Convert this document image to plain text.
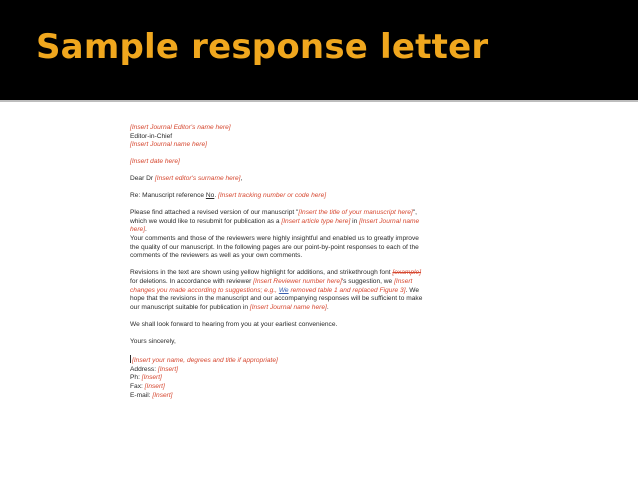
Sample response letter

[Insert Journal Editor's name here]
Editor-in-Chief
[Insert Journal name here]

[Insert date here]

Dear Dr [Insert editor's surname here],

Re: Manuscript reference No. [Insert tracking number or code here]

Please find attached a revised version of our manuscript "[Insert the title of your manuscript here]",
which we would like to resubmit for publication as a [Insert article type here] in [Insert Journal name
here].
Your comments and those of the reviewers were highly insightful and enabled us to greatly improve
the quality of our manuscript. In the following pages are our point-by-point responses to each of the
comments of the reviewers as well as your own comments.

Revisions in the text are shown using yellow highlight for additions, and strikethrough font [example]
for deletions. In accordance with reviewer [Insert Reviewer number here]'s suggestion, we [Insert
changes you made according to suggestions; e.g., We removed table 1 and replaced Figure 3]. We
hope that the revisions in the manuscript and our accompanying responses will be sufficient to make
our manuscript suitable for publication in [Insert Journal name here].

We shall look forward to hearing from you at your earliest convenience.

Yours sincerely,

[Insert your name, degrees and title if appropriate]
Address: [Insert]
Ph: [Insert]
Fax: [Insert]
E-mail: [Insert]
